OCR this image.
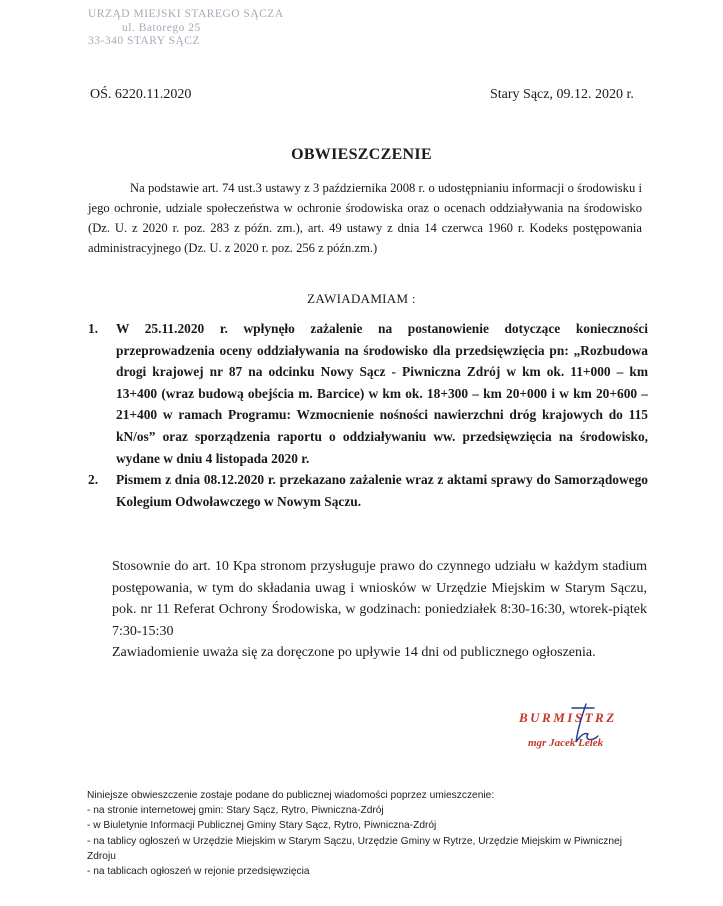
URZĄD MIEJSKI STAREGO SĄCZA
ul. Batorego 25
33-340 STARY SĄCZ
OŚ. 6220.11.2020	Stary Sącz, 09.12. 2020 r.
OBWIESZCZENIE

Na podstawie art. 74 ust.3 ustawy z 3 października 2008 r. o udostępnianiu informacji o środowisku i jego ochronie, udziale społeczeństwa w ochronie środowiska oraz o ocenach oddziaływania na środowisko (Dz. U. z 2020 r. poz. 283 z późn. zm.), art. 49 ustawy z dnia 14 czerwca 1960 r. Kodeks postępowania administracyjnego (Dz. U. z 2020 r. poz. 256 z późn.zm.)

ZAWIADAMIAM :
1. W 25.11.2020 r. wpłynęło zażalenie na postanowienie dotyczące konieczności przeprowadzenia oceny oddziaływania na środowisko dla przedsięwzięcia pn: „Rozbudowa drogi krajowej nr 87 na odcinku Nowy Sącz - Piwniczna Zdrój w km ok. 11+000 – km 13+400 (wraz budową obejścia m. Barcice) w km ok. 18+300 – km 20+000 i w km 20+600 – 21+400 w ramach Programu: Wzmocnienie nośności nawierzchni dróg krajowych do 115 kN/os” oraz sporządzenia raportu o oddziaływaniu ww. przedsięwzięcia na środowisko, wydane w dniu 4 listopada 2020 r.
2. Pismem z dnia 08.12.2020 r. przekazano zażalenie wraz z aktami sprawy do Samorządowego Kolegium Odwoławczego w Nowym Sączu.

Stosownie do art. 10 Kpa stronom przysługuje prawo do czynnego udziału w każdym stadium postępowania, w tym do składania uwag i wniosków w Urzędzie Miejskim w Starym Sączu, pok. nr 11 Referat Ochrony Środowiska, w godzinach: poniedziałek 8:30-16:30, wtorek-piątek 7:30-15:30

Zawiadomienie uważa się za doręczone po upływie 14 dni od publicznego ogłoszenia.

BURMISTRZ
mgr Jacek Lelek
Niniejsze obwieszczenie zostaje podane do publicznej wiadomości poprzez umieszczenie:
- na stronie internetowej gmin: Stary Sącz, Rytro, Piwniczna-Zdrój
- w Biuletynie Informacji Publicznej Gminy Stary Sącz, Rytro, Piwniczna-Zdrój
- na tablicy ogłoszeń w Urzędzie Miejskim w Starym Sączu, Urzędzie Gminy w Rytrze, Urzędzie Miejskim w Piwnicznej Zdroju
- na tablicach ogłoszeń w rejonie przedsięwzięcia
